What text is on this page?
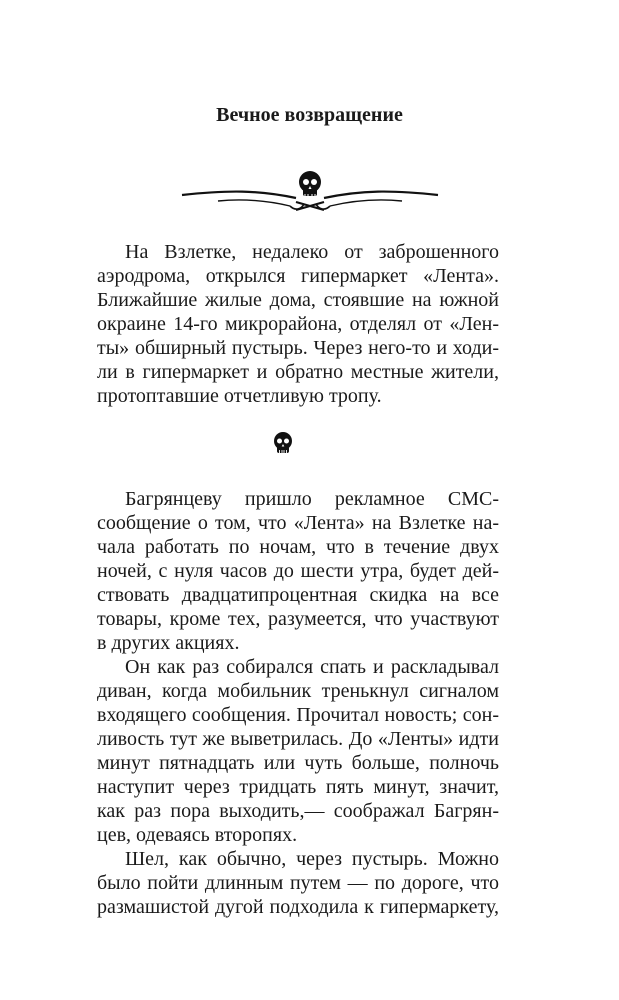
Вечное возвращение

На Взлетке, недалеко от заброшенного

аэродрома, открылся гипермаркет «Лента».

Ближайшие жилые дома, стоявшие на южной

окраине 14-го микрорайона, отделял от «Лен-

ты» обширный пустырь. Через него-то и ходи-

ли в гипермаркет и обратно местные жители,

протоптавшие отчетливую тропу.

Багрянцеву пришло рекламное СМС-

сообщение о том, что «Лента» на Взлетке на-

чала работать по ночам, что в течение двух

ночей, с нуля часов до шести утра, будет дей-

ствовать двадцатипроцентная скидка на все

товары, кроме тех, разумеется, что участвуют

в других акциях.

Он как раз собирался спать и раскладывал

диван, когда мобильник тренькнул сигналом

входящего сообщения. Прочитал новость; сон-

ливость тут же выветрилась. До «Ленты» идти

минут пятнадцать или чуть больше, полночь

наступит через тридцать пять минут, значит,

как раз пора выходить,— соображал Багрян-

цев, одеваясь второпях.

Шел, как обычно, через пустырь. Можно

было пойти длинным путем — по дороге, что

размашистой дугой подходила к гипермаркету,
